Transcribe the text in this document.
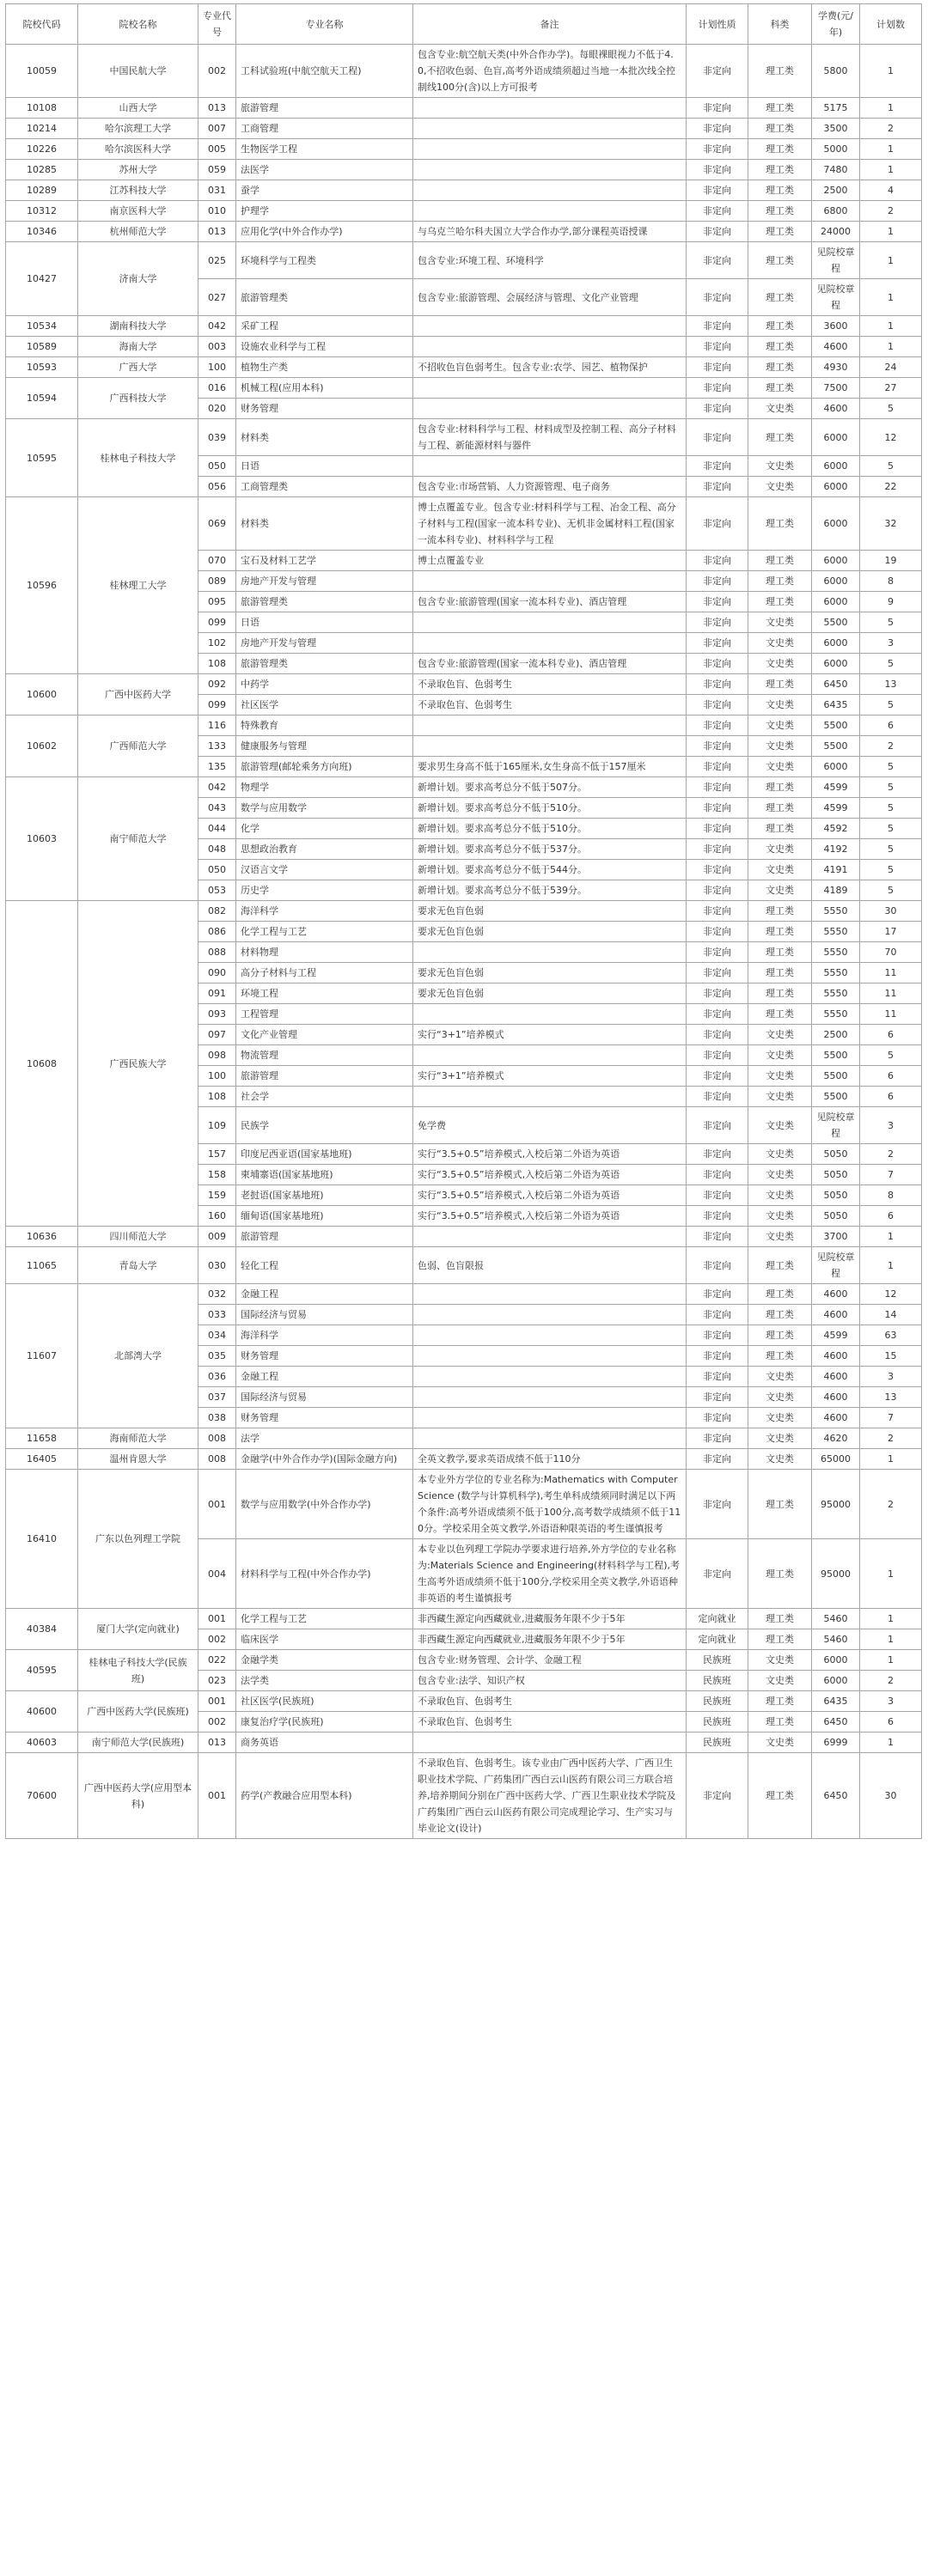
院校代码	院校名称	专业代号	专业名称	备注	计划性质	科类	学费(元/年)	计划数
10059	中国民航大学	002	工科试验班(中航空航天工程)	包含专业:航空航天类(中外合作办学)。每眼裸眼视力不低于4.0,不招收色弱、色盲,高考外语成绩须超过当地一本批次线全控制线100分(含)以上方可报考	非定向	理工类	5800	1
10108	山西大学	013	旅游管理		非定向	理工类	5175	1
10214	哈尔滨理工大学	007	工商管理		非定向	理工类	3500	2
10226	哈尔滨医科大学	005	生物医学工程		非定向	理工类	5000	1
10285	苏州大学	059	法医学		非定向	理工类	7480	1
10289	江苏科技大学	031	蚕学		非定向	理工类	2500	4
10312	南京医科大学	010	护理学		非定向	理工类	6800	2
10346	杭州师范大学	013	应用化学(中外合作办学)	与乌克兰哈尔科夫国立大学合作办学,部分课程英语授课	非定向	理工类	24000	1
10427	济南大学	025	环境科学与工程类	包含专业:环境工程、环境科学	非定向	理工类	见院校章程	1
		027	旅游管理类	包含专业:旅游管理、会展经济与管理、文化产业管理	非定向	理工类	见院校章程	1
10534	湖南科技大学	042	采矿工程		非定向	理工类	3600	1
10589	海南大学	003	设施农业科学与工程		非定向	理工类	4600	1
10593	广西大学	100	植物生产类	不招收色盲色弱考生。包含专业:农学、园艺、植物保护	非定向	理工类	4930	24
10594	广西科技大学	016	机械工程(应用本科)		非定向	理工类	7500	27
		020	财务管理		非定向	文史类	4600	5
10595	桂林电子科技大学	039	材料类	包含专业:材料科学与工程、材料成型及控制工程、高分子材料与工程、新能源材料与器件	非定向	理工类	6000	12
		050	日语		非定向	文史类	6000	5
		056	工商管理类	包含专业:市场营销、人力资源管理、电子商务	非定向	文史类	6000	22
10596	桂林理工大学	069	材料类	博士点覆盖专业。包含专业:材料科学与工程、冶金工程、高分子材料与工程(国家一流本科专业)、无机非金属材料工程(国家一流本科专业)、材料科学与工程	非定向	理工类	6000	32
		070	宝石及材料工艺学	博士点覆盖专业	非定向	理工类	6000	19
		089	房地产开发与管理		非定向	理工类	6000	8
		095	旅游管理类	包含专业:旅游管理(国家一流本科专业)、酒店管理	非定向	理工类	6000	9
		099	日语		非定向	文史类	5500	5
		102	房地产开发与管理		非定向	文史类	6000	3
		108	旅游管理类	包含专业:旅游管理(国家一流本科专业)、酒店管理	非定向	文史类	6000	5
10600	广西中医药大学	092	中药学	不录取色盲、色弱考生	非定向	理工类	6450	13
		099	社区医学	不录取色盲、色弱考生	非定向	文史类	6435	5
10602	广西师范大学	116	特殊教育		非定向	文史类	5500	6
		133	健康服务与管理		非定向	文史类	5500	2
		135	旅游管理(邮轮乘务方向班)	要求男生身高不低于165厘米,女生身高不低于157厘米	非定向	文史类	6000	5
10603	南宁师范大学	042	物理学	新增计划。要求高考总分不低于507分。	非定向	理工类	4599	5
		043	数学与应用数学	新增计划。要求高考总分不低于510分。	非定向	理工类	4599	5
		044	化学	新增计划。要求高考总分不低于510分。	非定向	理工类	4592	5
		048	思想政治教育	新增计划。要求高考总分不低于537分。	非定向	文史类	4192	5
		050	汉语言文学	新增计划。要求高考总分不低于544分。	非定向	文史类	4191	5
		053	历史学	新增计划。要求高考总分不低于539分。	非定向	文史类	4189	5
10608	广西民族大学	082	海洋科学	要求无色盲色弱	非定向	理工类	5550	30
		086	化学工程与工艺	要求无色盲色弱	非定向	理工类	5550	17
		088	材料物理		非定向	理工类	5550	70
		090	高分子材料与工程	要求无色盲色弱	非定向	理工类	5550	11
		091	环境工程	要求无色盲色弱	非定向	理工类	5550	11
		093	工程管理		非定向	理工类	5550	11
		097	文化产业管理	实行“3+1”培养模式	非定向	文史类	2500	6
		098	物流管理		非定向	文史类	5500	5
		100	旅游管理	实行“3+1”培养模式	非定向	文史类	5500	6
		108	社会学		非定向	文史类	5500	6
		109	民族学	免学费	非定向	文史类	见院校章程	3
		157	印度尼西亚语(国家基地班)	实行“3.5+0.5”培养模式,入校后第二外语为英语	非定向	文史类	5050	2
		158	柬埔寨语(国家基地班)	实行“3.5+0.5”培养模式,入校后第二外语为英语	非定向	文史类	5050	7
		159	老挝语(国家基地班)	实行“3.5+0.5”培养模式,入校后第二外语为英语	非定向	文史类	5050	8
		160	缅甸语(国家基地班)	实行“3.5+0.5”培养模式,入校后第二外语为英语	非定向	文史类	5050	6
10636	四川师范大学	009	旅游管理		非定向	文史类	3700	1
11065	青岛大学	030	轻化工程	色弱、色盲限报	非定向	理工类	见院校章程	1
11607	北部湾大学	032	金融工程		非定向	理工类	4600	12
		033	国际经济与贸易		非定向	理工类	4600	14
		034	海洋科学		非定向	理工类	4599	63
		035	财务管理		非定向	理工类	4600	15
		036	金融工程		非定向	文史类	4600	3
		037	国际经济与贸易		非定向	文史类	4600	13
		038	财务管理		非定向	文史类	4600	7
11658	海南师范大学	008	法学		非定向	文史类	4620	2
16405	温州肯恩大学	008	金融学(中外合作办学)(国际金融方向)	全英文教学,要求英语成绩不低于110分	非定向	文史类	65000	1
16410	广东以色列理工学院	001	数学与应用数学(中外合作办学)	本专业外方学位的专业名称为:Mathematics with Computer Science (数学与计算机科学),考生单科成绩须同时满足以下两个条件:高考外语成绩须不低于100分,高考数学成绩须不低于110分。学校采用全英文教学,外语语种限英语的考生谨慎报考	非定向	理工类	95000	2
		004	材料科学与工程(中外合作办学)	本专业以色列理工学院办学要求进行培养,外方学位的专业名称为:Materials Science and Engineering(材料科学与工程),考生高考外语成绩须不低于100分,学校采用全英文教学,外语语种非英语的考生谨慎报考	非定向	理工类	95000	1
40384	厦门大学(定向就业)	001	化学工程与工艺	非西藏生源定向西藏就业,进藏服务年限不少于5年	定向就业	理工类	5460	1
		002	临床医学	非西藏生源定向西藏就业,进藏服务年限不少于5年	定向就业	理工类	5460	1
40595	桂林电子科技大学(民族班)	022	金融学类	包含专业:财务管理、会计学、金融工程	民族班	文史类	6000	1
		023	法学类	包含专业:法学、知识产权	民族班	文史类	6000	2
40600	广西中医药大学(民族班)	001	社区医学(民族班)	不录取色盲、色弱考生	民族班	理工类	6435	3
		002	康复治疗学(民族班)	不录取色盲、色弱考生	民族班	理工类	6450	6
40603	南宁师范大学(民族班)	013	商务英语		民族班	文史类	6999	1
70600	广西中医药大学(应用型本科)	001	药学(产教融合应用型本科)	不录取色盲、色弱考生。该专业由广西中医药大学、广西卫生职业技术学院、广药集团广西白云山医药有限公司三方联合培养,培养期间分别在广西中医药大学、广西卫生职业技术学院及广药集团广西白云山医药有限公司完成理论学习、生产实习与毕业论文(设计)	非定向	理工类	6450	30
